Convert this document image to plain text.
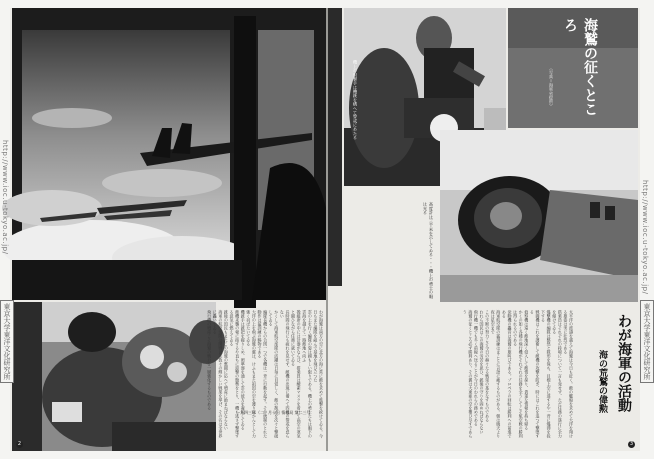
2
わが海鷲は南方の空に北方の海に常に敵を求めて進撃を続けてゐる。今日もまた編隊を組んで基地を飛び立つた 雲の上を行く編隊の姿は頼もしい限りである。機上の勇士たちは眼下の雲海を越えて一路敵地へ向ふ 操縦席の中には計器がならび、搭乗員は酸素マスクを着けて高空の寒気と闘ひながら任務に就いてゐる 長時間の飛行にも疲れを見せず、敵機の出現に備へて四周の警戒を怠らない かくして海軍航空部隊の活躍は日毎に目覚しく、敵の拠点を次々と撃破してゐる 編隊長機からの合図一つで各機は一斉に行動を起す。その統制のとれた動作は猛訓練の賜物である 大洋の上を飛ぶ海鷲の翼は、けふもまた祖国の空を護り抜かんとして力強く羽ばたいてゐる 機銃手は銃把を握りしめ、照準器を通して雲の彼方を凝視してゐる 敵機来襲の報に接するや直ちに迎撃の態勢をとり、一機も逃さず撃墜する意気に燃えてゐる 銃後の国民もまたこの海鷲の奮闘に応へて増産に励まねばならない 海軍の航空部隊は開戦以来数々の輝かしい戦果を挙げ、その名は全世界に轟いてゐる 飛行機の増産こそ海鷲の戦力を一層強化するものである
一九四三年（二）月十日 情報局 第二三号
http://www.ioc.u-tokyo.ac.jp/
東京大学東洋文化研究所
海鷲の征くところ
（写真＝海軍省提供）
機上の射撃手は機銃を構へて警戒にあたる
高度計は三千米を示してゐる・・・機上の勇士の眼は光る
太平洋の波濤を越えて海鷲は今日も征く。敵の艦船を求めて大洋を翔ける雄姿は実に壮烈である 搭乗員はそれぞれの持場について一言も発せず、ただ任務の遂行に全力を傾けてゐる 爆撃機の編隊は整然と隊形を保ち、目標上空に達するや一斉に爆弾を投下する 戦闘機はこれを護衛して敵機の攻撃を防ぎ、時にはこれを追つて撃墜する 偵察機は遠く敵地深く侵入して敵情を探り、貴重な情報を持ち帰る かくの如く各種の飛行機がそれぞれの任務を全うしてこそ航空戦の勝利は得られるのである 発動機の轟音は海鷲の雄叫びである。プロペラの回転は勝利への前進である 海軍航空隊の猛訓練はまことに言語に絶するものがある。朝は暁天より夜は星空まで この不断の努力こそ今日の赫々たる戦果の基をなすものである われら国民はこの海鷲の労苦を思ひ、銃後の守りを固めねばならない 飛行機一機でも多く前線へ送ることが今日のわれらの務めである 海鷲の征くところ必ず勝利あり。その翼は大東亜の空を覆ひ尽すであらう
わが海軍の活動
海の荒鷲の偉勲
3
http://www.ioc.u-tokyo.ac.jp/
東京大学東洋文化研究所
